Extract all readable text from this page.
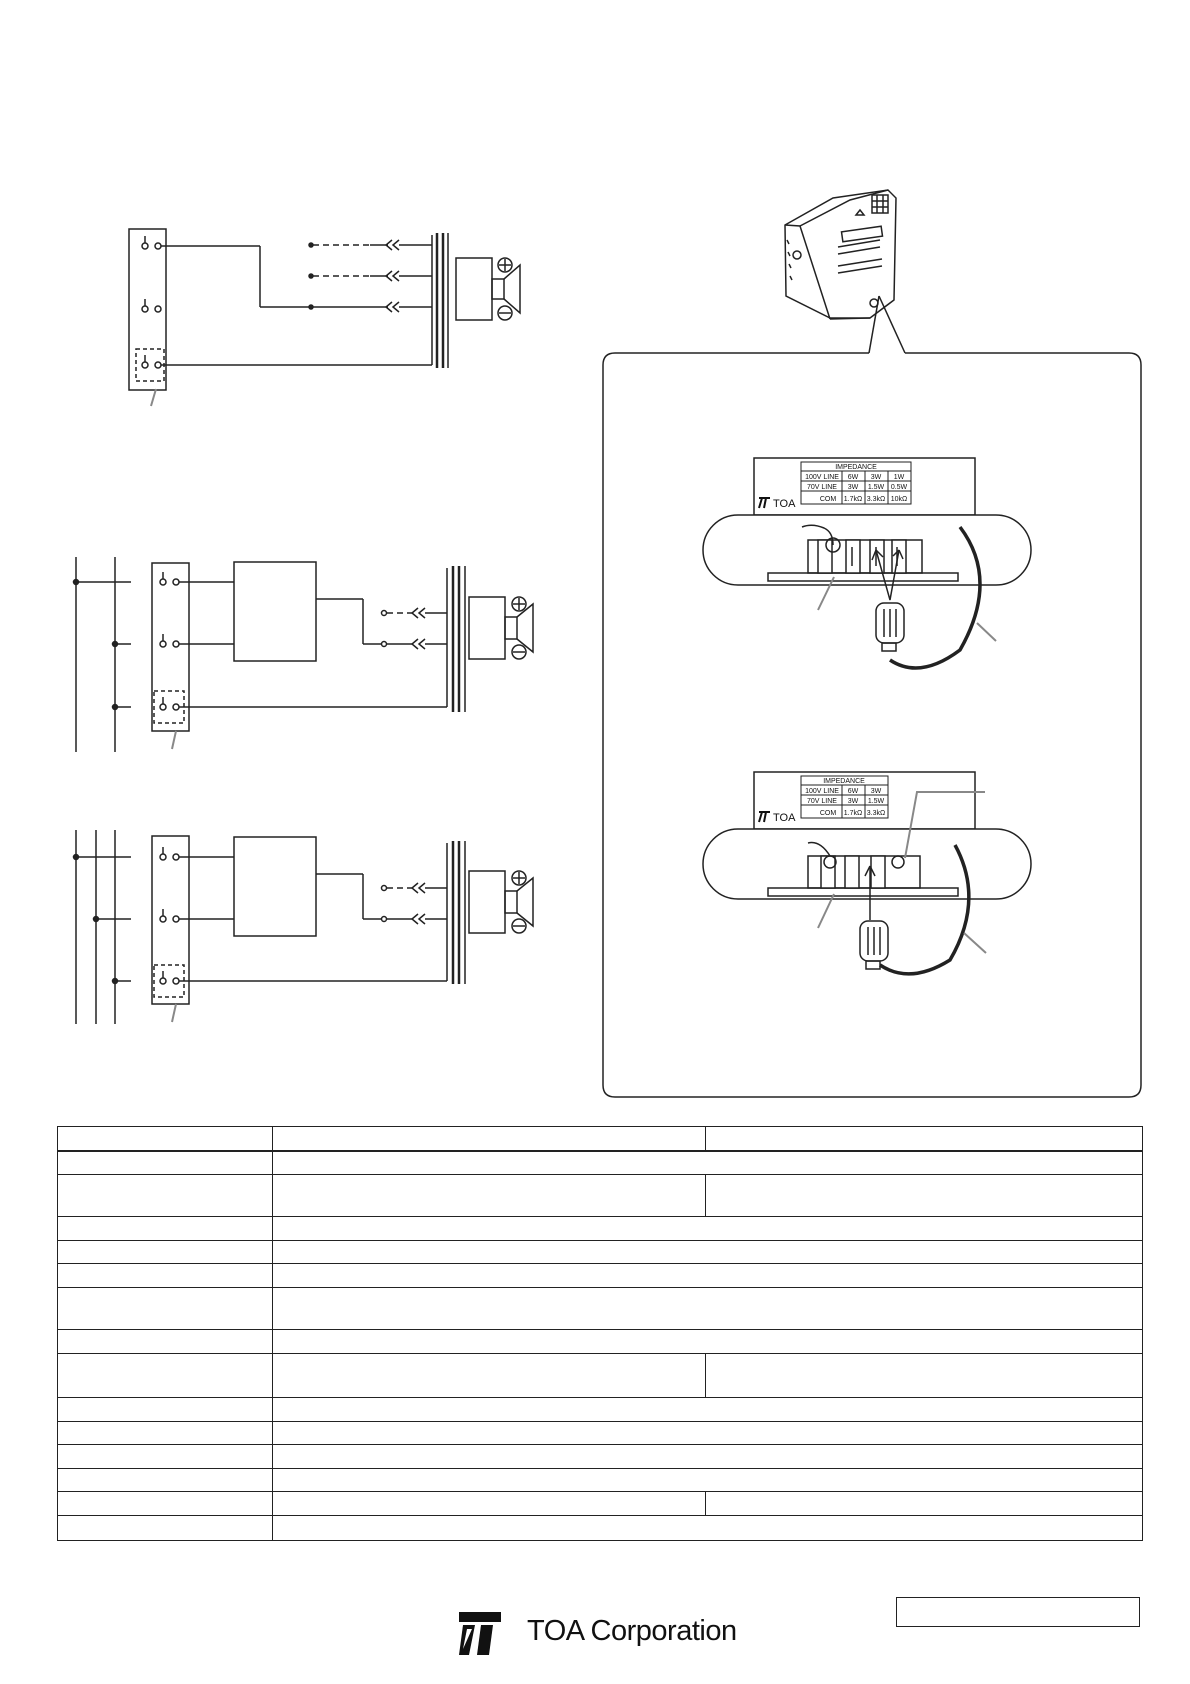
IMPEDANCE
100V LINE 6W 3W 1W
70V LINE 3W 1.5W 0.5W
COM 1.7kΩ 3.3kΩ 10kΩ
TOA
IMPEDANCE
100V LINE 6W 3W
70V LINE 3W 1.5W
COM 1.7kΩ 3.3kΩ
TOA

TOA Corporation
